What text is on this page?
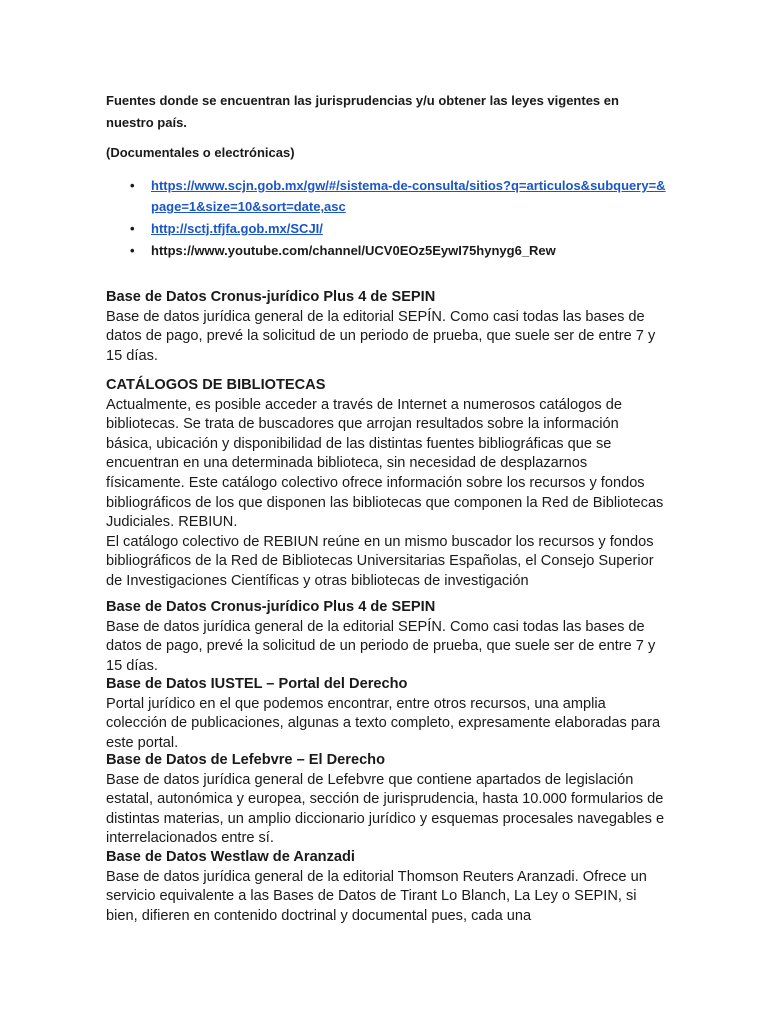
Fuentes donde se encuentran las jurisprudencias y/u obtener las leyes vigentes en nuestro país.

(Documentales o electrónicas)

• https://www.scjn.gob.mx/gw/#/sistema-de-consulta/sitios?q=articulos&subquery=&page=1&size=10&sort=date,asc
• http://sctj.tfjfa.gob.mx/SCJI/
• https://www.youtube.com/channel/UCV0EOz5EywI75hynyg6_Rew
Base de Datos Cronus-jurídico Plus 4 de SEPIN

Base de datos jurídica general de la editorial SEPÍN. Como casi todas las bases de datos de pago, prevé la solicitud de un periodo de prueba, que suele ser de entre 7 y 15 días.

CATÁLOGOS DE BIBLIOTECAS

Actualmente, es posible acceder a través de Internet a numerosos catálogos de bibliotecas. Se trata de buscadores que arrojan resultados sobre la información básica, ubicación y disponibilidad de las distintas fuentes bibliográficas que se encuentran en una determinada biblioteca, sin necesidad de desplazarnos físicamente. Este catálogo colectivo ofrece información sobre los recursos y fondos bibliográficos de los que disponen las bibliotecas que componen la Red de Bibliotecas Judiciales. REBIUN.

El catálogo colectivo de REBIUN reúne en un mismo buscador los recursos y fondos bibliográficos de la Red de Bibliotecas Universitarias Españolas, el Consejo Superior de Investigaciones Científicas y otras bibliotecas de investigación

Base de Datos Cronus-jurídico Plus 4 de SEPIN

Base de datos jurídica general de la editorial SEPÍN. Como casi todas las bases de datos de pago, prevé la solicitud de un periodo de prueba, que suele ser de entre 7 y 15 días.

Base de Datos IUSTEL – Portal del Derecho

Portal jurídico en el que podemos encontrar, entre otros recursos, una amplia colección de publicaciones, algunas a texto completo, expresamente elaboradas para este portal.

Base de Datos de Lefebvre – El Derecho

Base de datos jurídica general de Lefebvre que contiene apartados de legislación estatal, autonómica y europea, sección de jurisprudencia, hasta 10.000 formularios de distintas materias, un amplio diccionario jurídico y esquemas procesales navegables e interrelacionados entre sí.

Base de Datos Westlaw de Aranzadi

Base de datos jurídica general de la editorial Thomson Reuters Aranzadi. Ofrece un servicio equivalente a las Bases de Datos de Tirant Lo Blanch, La Ley o SEPIN, si bien, difieren en contenido doctrinal y documental pues, cada una
